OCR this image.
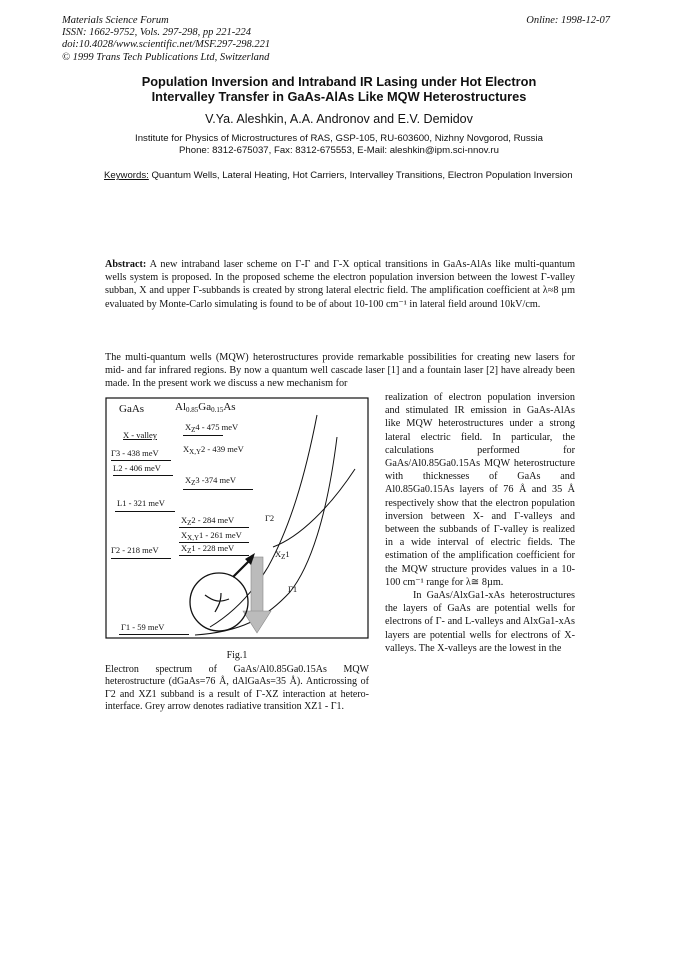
Materials Science Forum
ISSN: 1662-9752, Vols. 297-298, pp 221-224
doi:10.4028/www.scientific.net/MSF.297-298.221
© 1999 Trans Tech Publications Ltd, Switzerland
Online: 1998-12-07
Population Inversion and Intraband IR Lasing under Hot Electron
Intervalley Transfer in GaAs-AlAs Like MQW Heterostructures
V.Ya. Aleshkin, A.A. Andronov and E.V. Demidov
Institute for Physics of Microstructures of RAS, GSP-105, RU-603600, Nizhny Novgorod, Russia
Phone: 8312-675037, Fax: 8312-675553, E-Mail: aleshkin@ipm.sci-nnov.ru
Keywords: Quantum Wells, Lateral Heating, Hot Carriers, Intervalley Transitions, Electron Population Inversion
Abstract: A new intraband laser scheme on Γ-Γ and Γ-X optical transitions in GaAs-AlAs like multi-quantum wells system is proposed. In the proposed scheme the electron population inversion between the lowest Γ-valley subban, X and upper Γ-subbands is created by strong lateral electric field. The amplification coefficient at λ≈8 µm evaluated by Monte-Carlo simulating is found to be of about 10-100 cm⁻¹ in lateral field around 10kV/cm.
The multi-quantum wells (MQW) heterostructures provide remarkable possibilities for creating new lasers for mid- and far infrared regions. By now a quantum well cascade laser [1] and a fountain laser [2] have already been made. In the present work we discuss a new mechanism for
GaAs	$Al_{0.85}Ga_{0.15}As$
X - valley
$X_Z4 - 475$ meV
Γ3 - 438 meV	$X_{X,Y}2 - 439$ meV
L2 - 406 meV
$X_Z3$ -374 meV
L1 - 321 meV
$X_Z2 - 284$ meV	Γ2
$X_{X,Y}1 - 261$ meV
Γ2 - 218 meV	$X_Z1 - 228$ meV
$X_Z1$
Γ1
Γ1 - 59 meV
Fig.1
Electron spectrum of GaAs/Al0.85Ga0.15As MQW heterostructure (dGaAs=76 Å, dAlGaAs=35 Å). Anticrossing of Γ2 and XZ1 subband is a result of Γ-XZ interaction at hetero-interface. Grey arrow denotes radiative transition XZ1 - Γ1.

realization of electron population inversion and stimulated IR emission in GaAs-AlAs like MQW heterostructures under a strong lateral electric field. In particular, the calculations performed for GaAs/Al0.85Ga0.15As MQW heterostructure with thicknesses of GaAs and Al0.85Ga0.15As layers of 76 Å and 35 Å respectively show that the electron population inversion between X- and Γ-valleys and between the subbands of Γ-valley is realized in a wide interval of electric fields. The estimation of the amplification coefficient for the MQW structure provides values in a 10-100 cm⁻¹ range for λ≅ 8µm.

In GaAs/AlxGa1-xAs heterostructures the layers of GaAs are potential wells for electrons of Γ- and L-valleys and AlxGa1-xAs layers are potential wells for electrons of X-valleys. The X-valleys are the lowest in the
